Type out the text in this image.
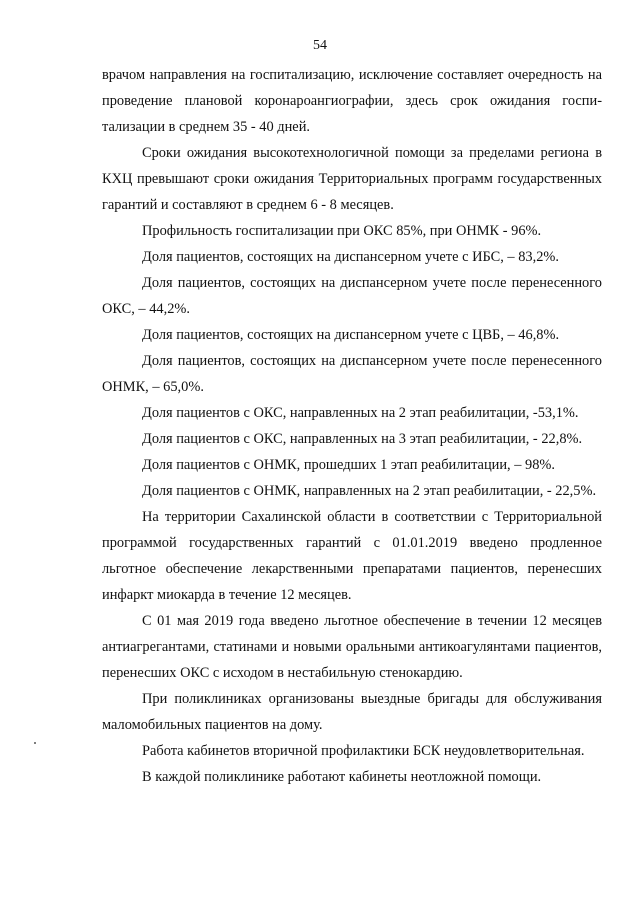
54

врачом направления на госпитализацию, исключение составляет очередность на проведение плановой коронароангиографии, здесь срок ожидания госпитализации в среднем 35 - 40 дней.

Сроки ожидания высокотехнологичной помощи за пределами региона в КХЦ превышают сроки ожидания Территориальных программ государственных гарантий и составляют в среднем 6 - 8 месяцев.

Профильность госпитализации при ОКС 85%, при ОНМК - 96%.

Доля пациентов, состоящих на диспансерном учете с ИБС, – 83,2%.

Доля пациентов, состоящих на диспансерном учете после перенесенного ОКС, – 44,2%.

Доля пациентов, состоящих на диспансерном учете с ЦВБ, – 46,8%.

Доля пациентов, состоящих на диспансерном учете после перенесенного ОНМК, – 65,0%.

Доля пациентов с ОКС, направленных на 2 этап реабилитации, -53,1%.

Доля пациентов с ОКС, направленных на 3 этап реабилитации, - 22,8%.

Доля пациентов с ОНМК, прошедших 1 этап реабилитации, – 98%.

Доля пациентов с ОНМК, направленных на 2 этап реабилитации, - 22,5%.

На территории Сахалинской области в соответствии с Территориальной программой государственных гарантий с 01.01.2019 введено продленное льготное обеспечение лекарственными препаратами пациентов, перенесших инфаркт миокарда в течение 12 месяцев.

С 01 мая 2019 года введено льготное обеспечение в течении 12 месяцев антиагрегантами, статинами и новыми оральными антикоагулянтами пациентов, перенесших ОКС с исходом в нестабильную стенокардию.

При поликлиниках организованы выездные бригады для обслуживания маломобильных пациентов на дому.

Работа кабинетов вторичной профилактики БСК неудовлетворительная.

В каждой поликлинике работают кабинеты неотложной помощи.
